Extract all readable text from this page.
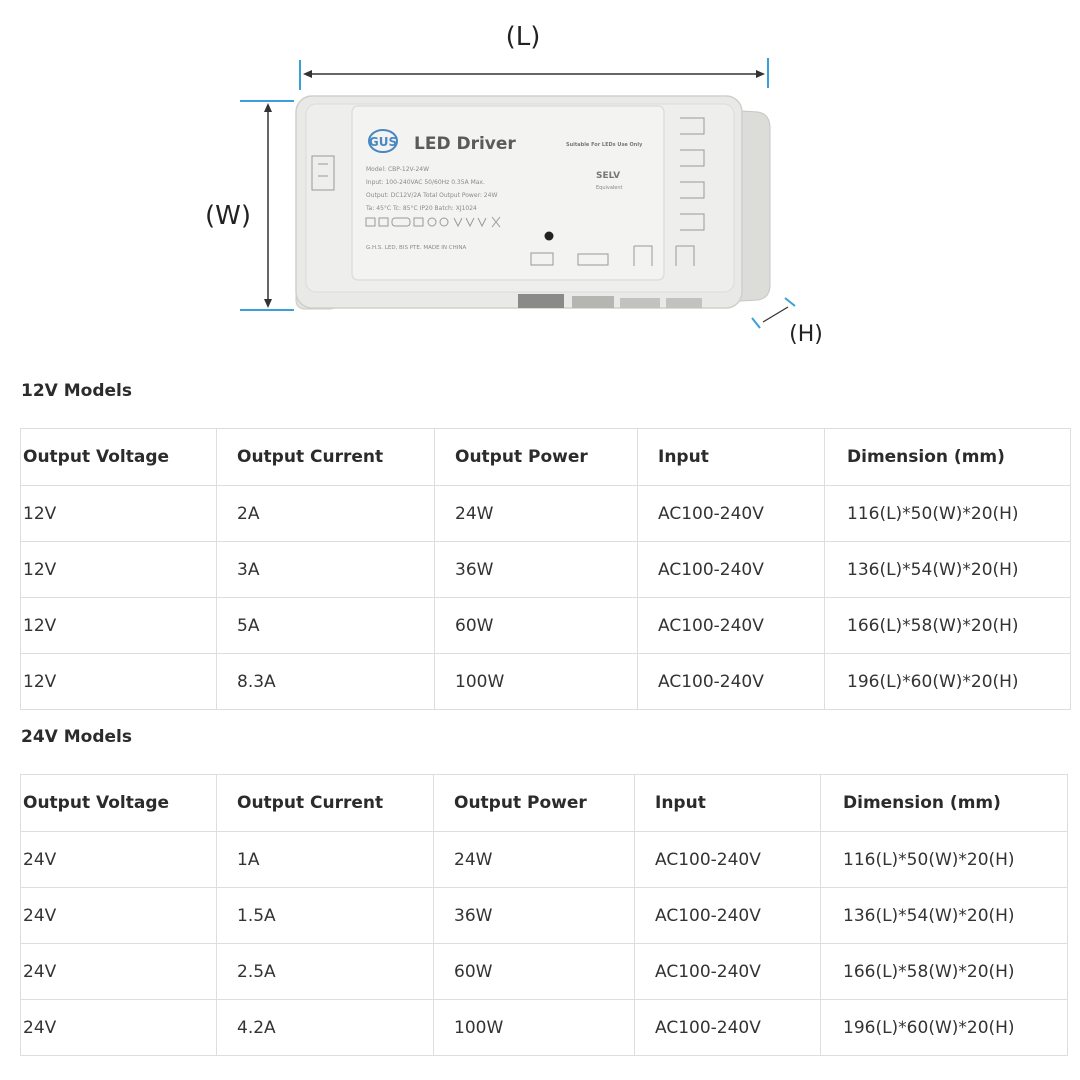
(L)
(W)
(H)
GUS LED Driver
Model: CBP-12V-24W
Input: 100-240VAC 50/60Hz 0.35A Max.
Output: DC12V/2A Total Output Power: 24W
Ta: 45°C Tc: 85°C IP20 Batch: XJ1024
G.H.S. LED, BIS PTE. MADE IN CHINA
Suitable For LEDs Use Only
SELV
Equivalent
12V Models
Output Voltage	Output Current	Output Power	Input	Dimension (mm)
12V	2A	24W	AC100-240V	116(L)*50(W)*20(H)
12V	3A	36W	AC100-240V	136(L)*54(W)*20(H)
12V	5A	60W	AC100-240V	166(L)*58(W)*20(H)
12V	8.3A	100W	AC100-240V	196(L)*60(W)*20(H)
24V Models
Output Voltage	Output Current	Output Power	Input	Dimension (mm)
24V	1A	24W	AC100-240V	116(L)*50(W)*20(H)
24V	1.5A	36W	AC100-240V	136(L)*54(W)*20(H)
24V	2.5A	60W	AC100-240V	166(L)*58(W)*20(H)
24V	4.2A	100W	AC100-240V	196(L)*60(W)*20(H)
